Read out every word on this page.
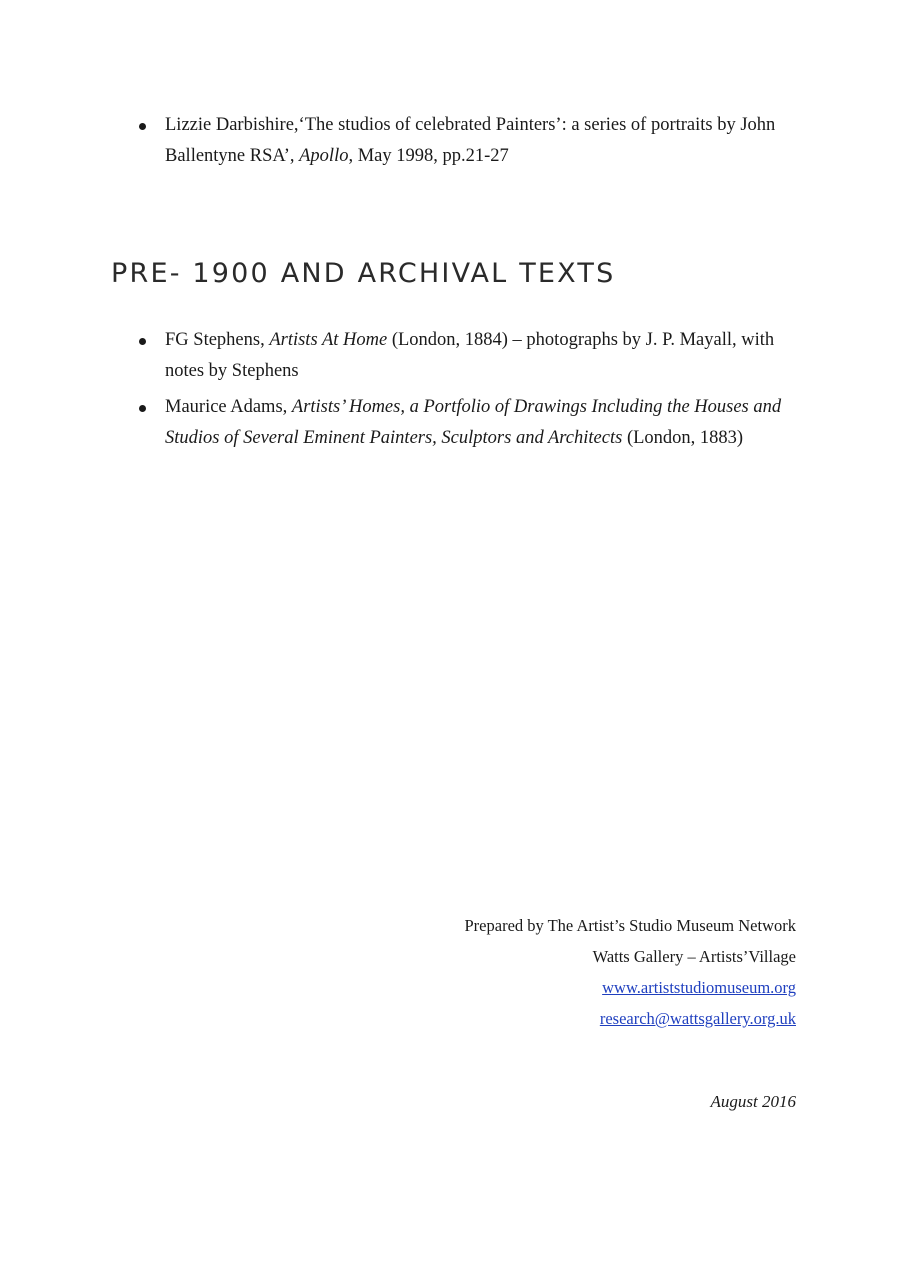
Lizzie Darbishire,‘The studios of celebrated Painters’: a series of portraits by John Ballentyne RSA’, Apollo, May 1998, pp.21-27
PRE- 1900 AND ARCHIVAL TEXTS
FG Stephens, Artists At Home (London, 1884) – photographs by J. P. Mayall, with notes by Stephens
Maurice Adams, Artists’ Homes, a Portfolio of Drawings Including the Houses and Studios of Several Eminent Painters, Sculptors and Architects (London, 1883)
Prepared by The Artist’s Studio Museum Network
Watts Gallery – Artists’Village
www.artiststudiomuseum.org
research@wattsgallery.org.uk
August 2016
